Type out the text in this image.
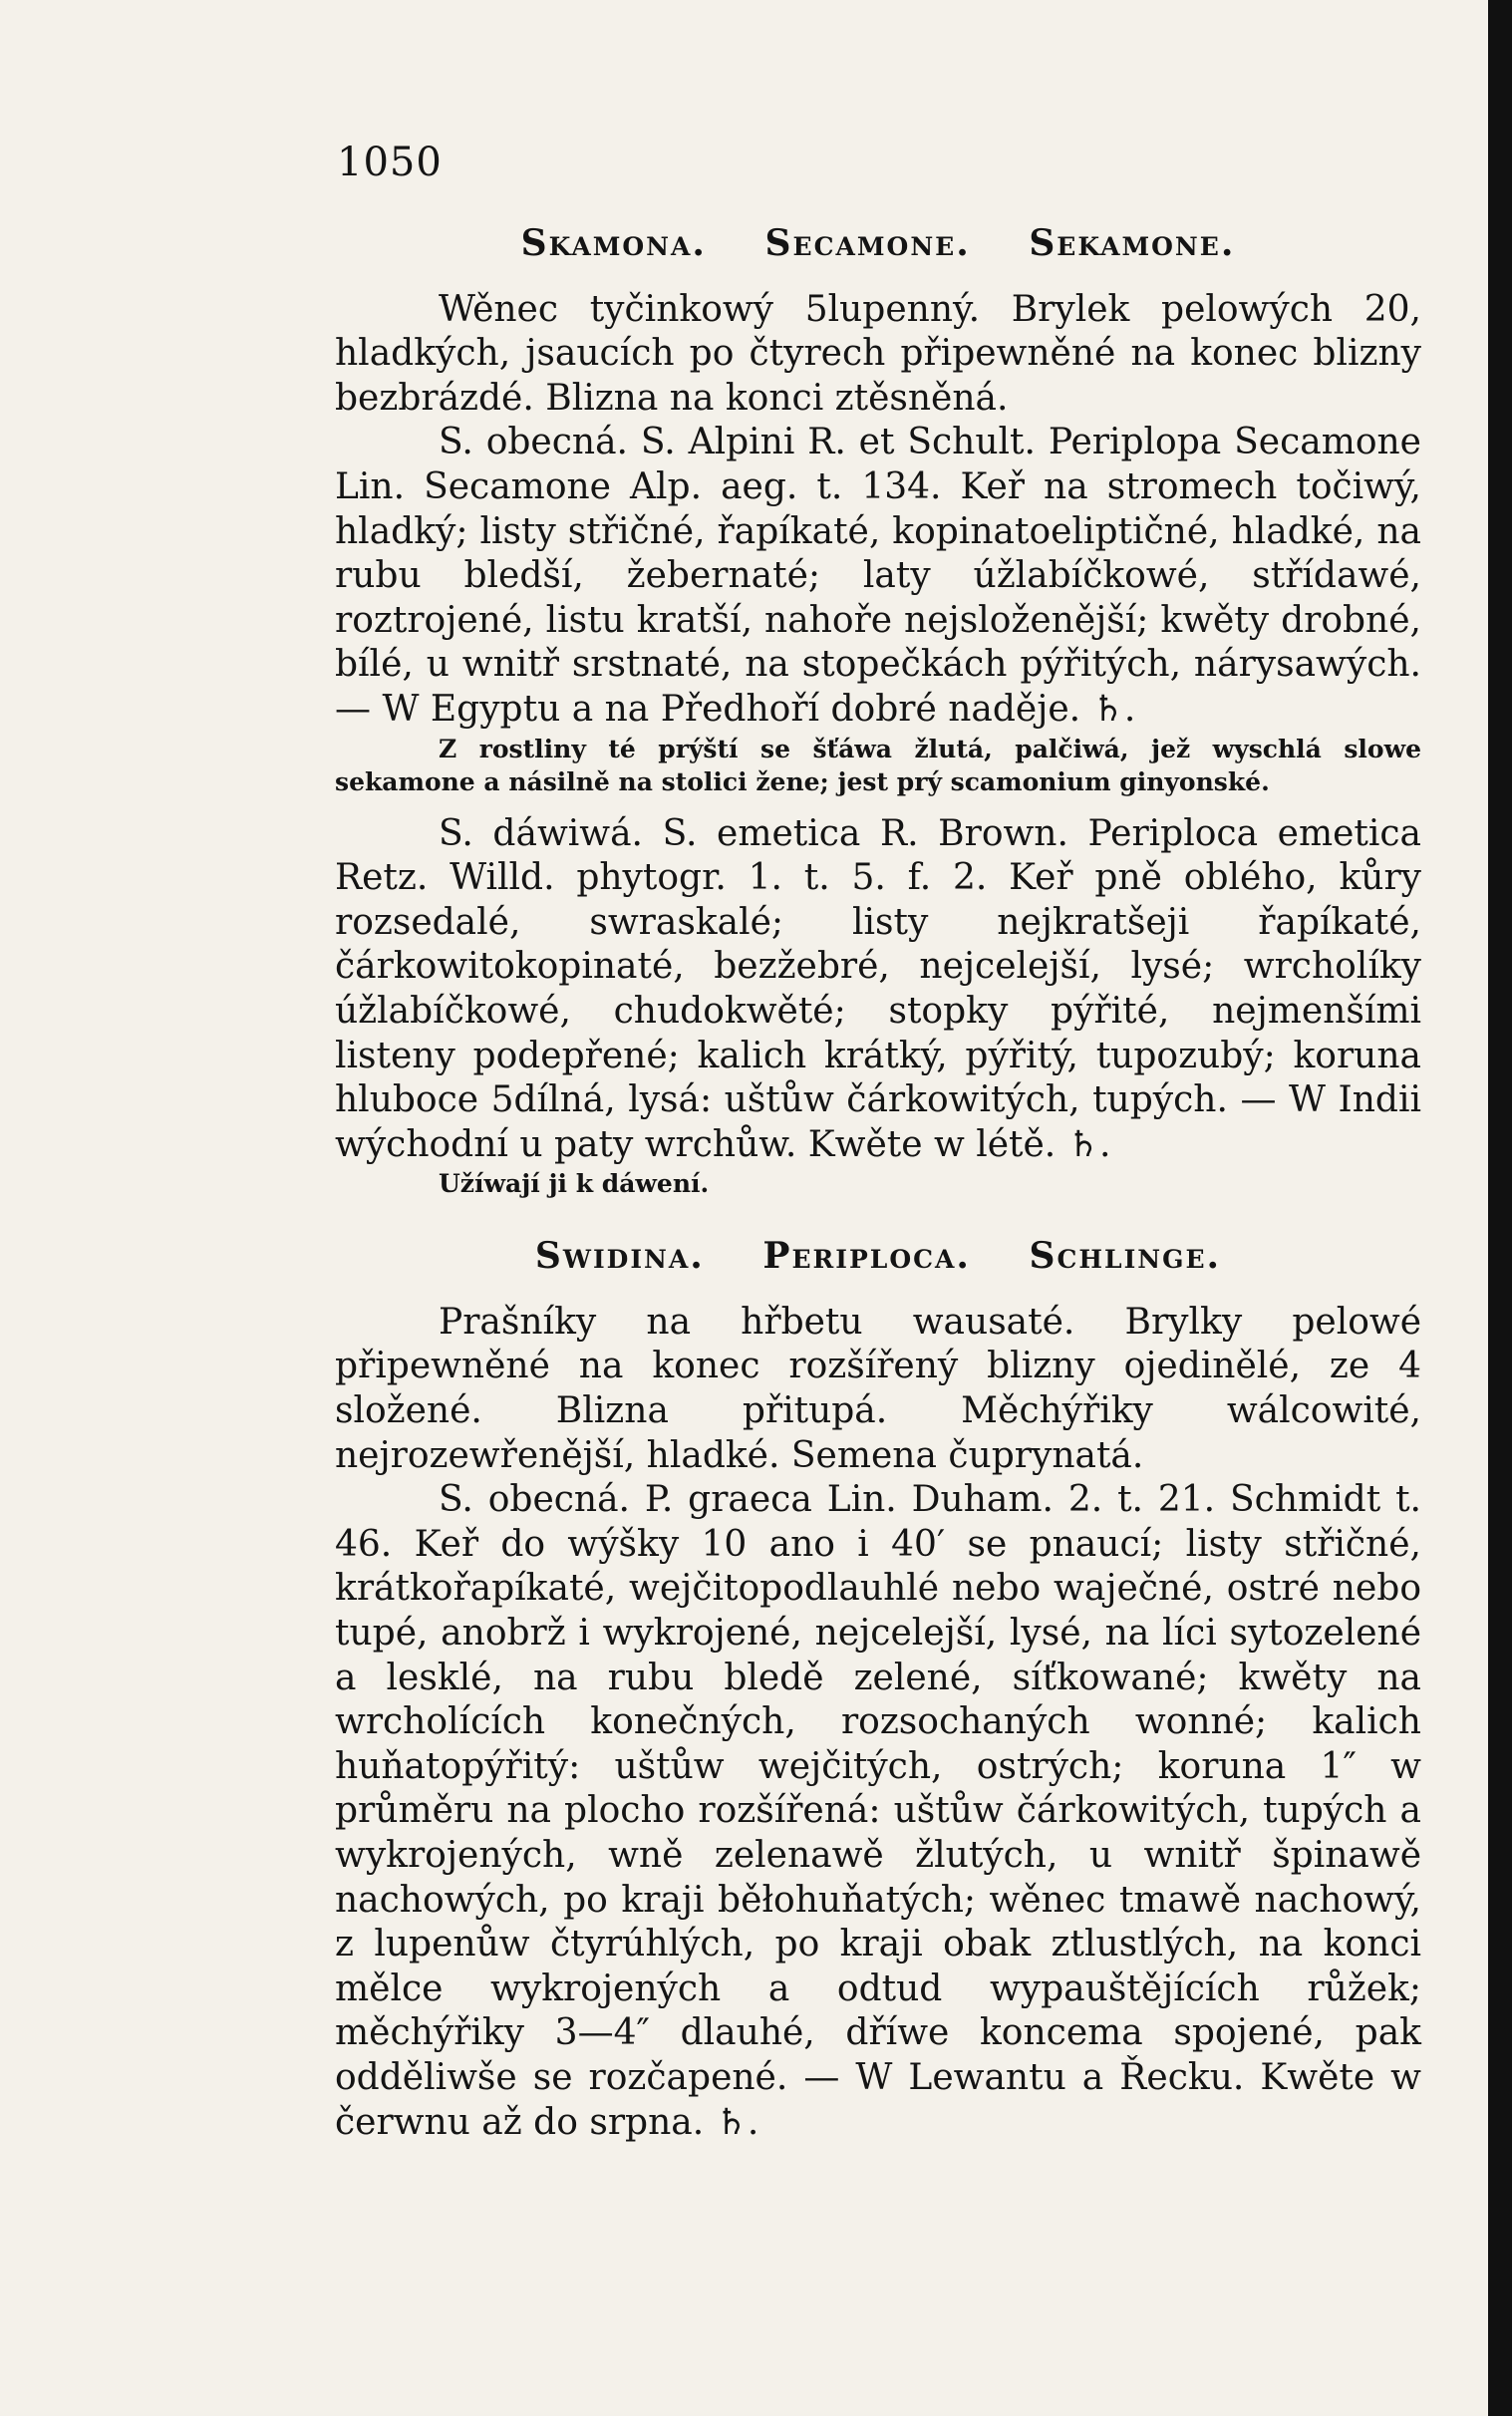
1050

Skamona. Secamone. Sekamone.

Wěnec tyčinkowý 5lupenný. Brylek pelowých 20, hladkých, jsaucích po čtyrech připewněné na konec blizny bezbrázdé. Blizna na konci ztěsněná.

S. obecná. S. Alpini R. et Schult. Periplopa Secamone Lin. Secamone Alp. aeg. t. 134. Keř na stromech točiwý, hladký; listy střičné, řapíkaté, kopinatoeliptičné, hladké, na rubu bledší, žebernaté; laty úžlabíčkowé, střídawé, roztrojené, listu kratší, nahoře nejsloženější; kwěty drobné, bílé, u wnitř srstnaté, na stopečkách pýřitých, nárysawých. — W Egyptu a na Předhoří dobré naděje. ♄.

Z rostliny té prýští se šťáwa žlutá, palčiwá, jež wyschlá slowe sekamone a násilně na stolici žene; jest prý scamonium ginyonské.

S. dáwiwá. S. emetica R. Brown. Periploca emetica Retz. Willd. phytogr. 1. t. 5. f. 2. Keř pně oblého, kůry rozsedalé, swraskalé; listy nejkratšeji řapíkaté, čárkowitokopinaté, bezžebré, nejcelejší, lysé; wrcholíky úžlabíčkowé, chudokwěté; stopky pýřité, nejmenšími listeny podepřené; kalich krátký, pýřitý, tupozubý; koruna hluboce 5dílná, lysá: uštůw čárkowitých, tupých. — W Indii wýchodní u paty wrchůw. Kwěte w létě. ♄.

Užíwají ji k dáwení.

Swidina. Periploca. Schlinge.

Prašníky na hřbetu wausaté. Brylky pelowé připewněné na konec rozšířený blizny ojedinělé, ze 4 složené. Blizna přitupá. Měchýřiky wálcowité, nejrozewřenější, hladké. Semena čuprynatá.

S. obecná. P. graeca Lin. Duham. 2. t. 21. Schmidt t. 46. Keř do wýšky 10 ano i 40′ se pnaucí; listy střičné, krátkořapíkaté, wejčitopodlauhlé nebo waječné, ostré nebo tupé, anobrž i wykrojené, nejcelejší, lysé, na líci sytozelené a lesklé, na rubu bledě zelené, síťkowané; kwěty na wrcholících konečných, rozsochaných wonné; kalich huňatopýřitý: uštůw wejčitých, ostrých; koruna 1″ w průměru na plocho rozšířená: uštůw čárkowitých, tupých a wykrojených, wně zelenawě žlutých, u wnitř špinawě nachowých, po kraji běłohuňatých; wěnec tmawě nachowý, z lupenůw čtyrúhlých, po kraji obak ztlustlých, na konci mělce wykrojených a odtud wypauštějících růžek; měchýřiky 3—4″ dlauhé, dříwe koncema spojené, pak odděliwše se rozčapené. — W Lewantu a Řecku. Kwěte w čerwnu až do srpna. ♄.
